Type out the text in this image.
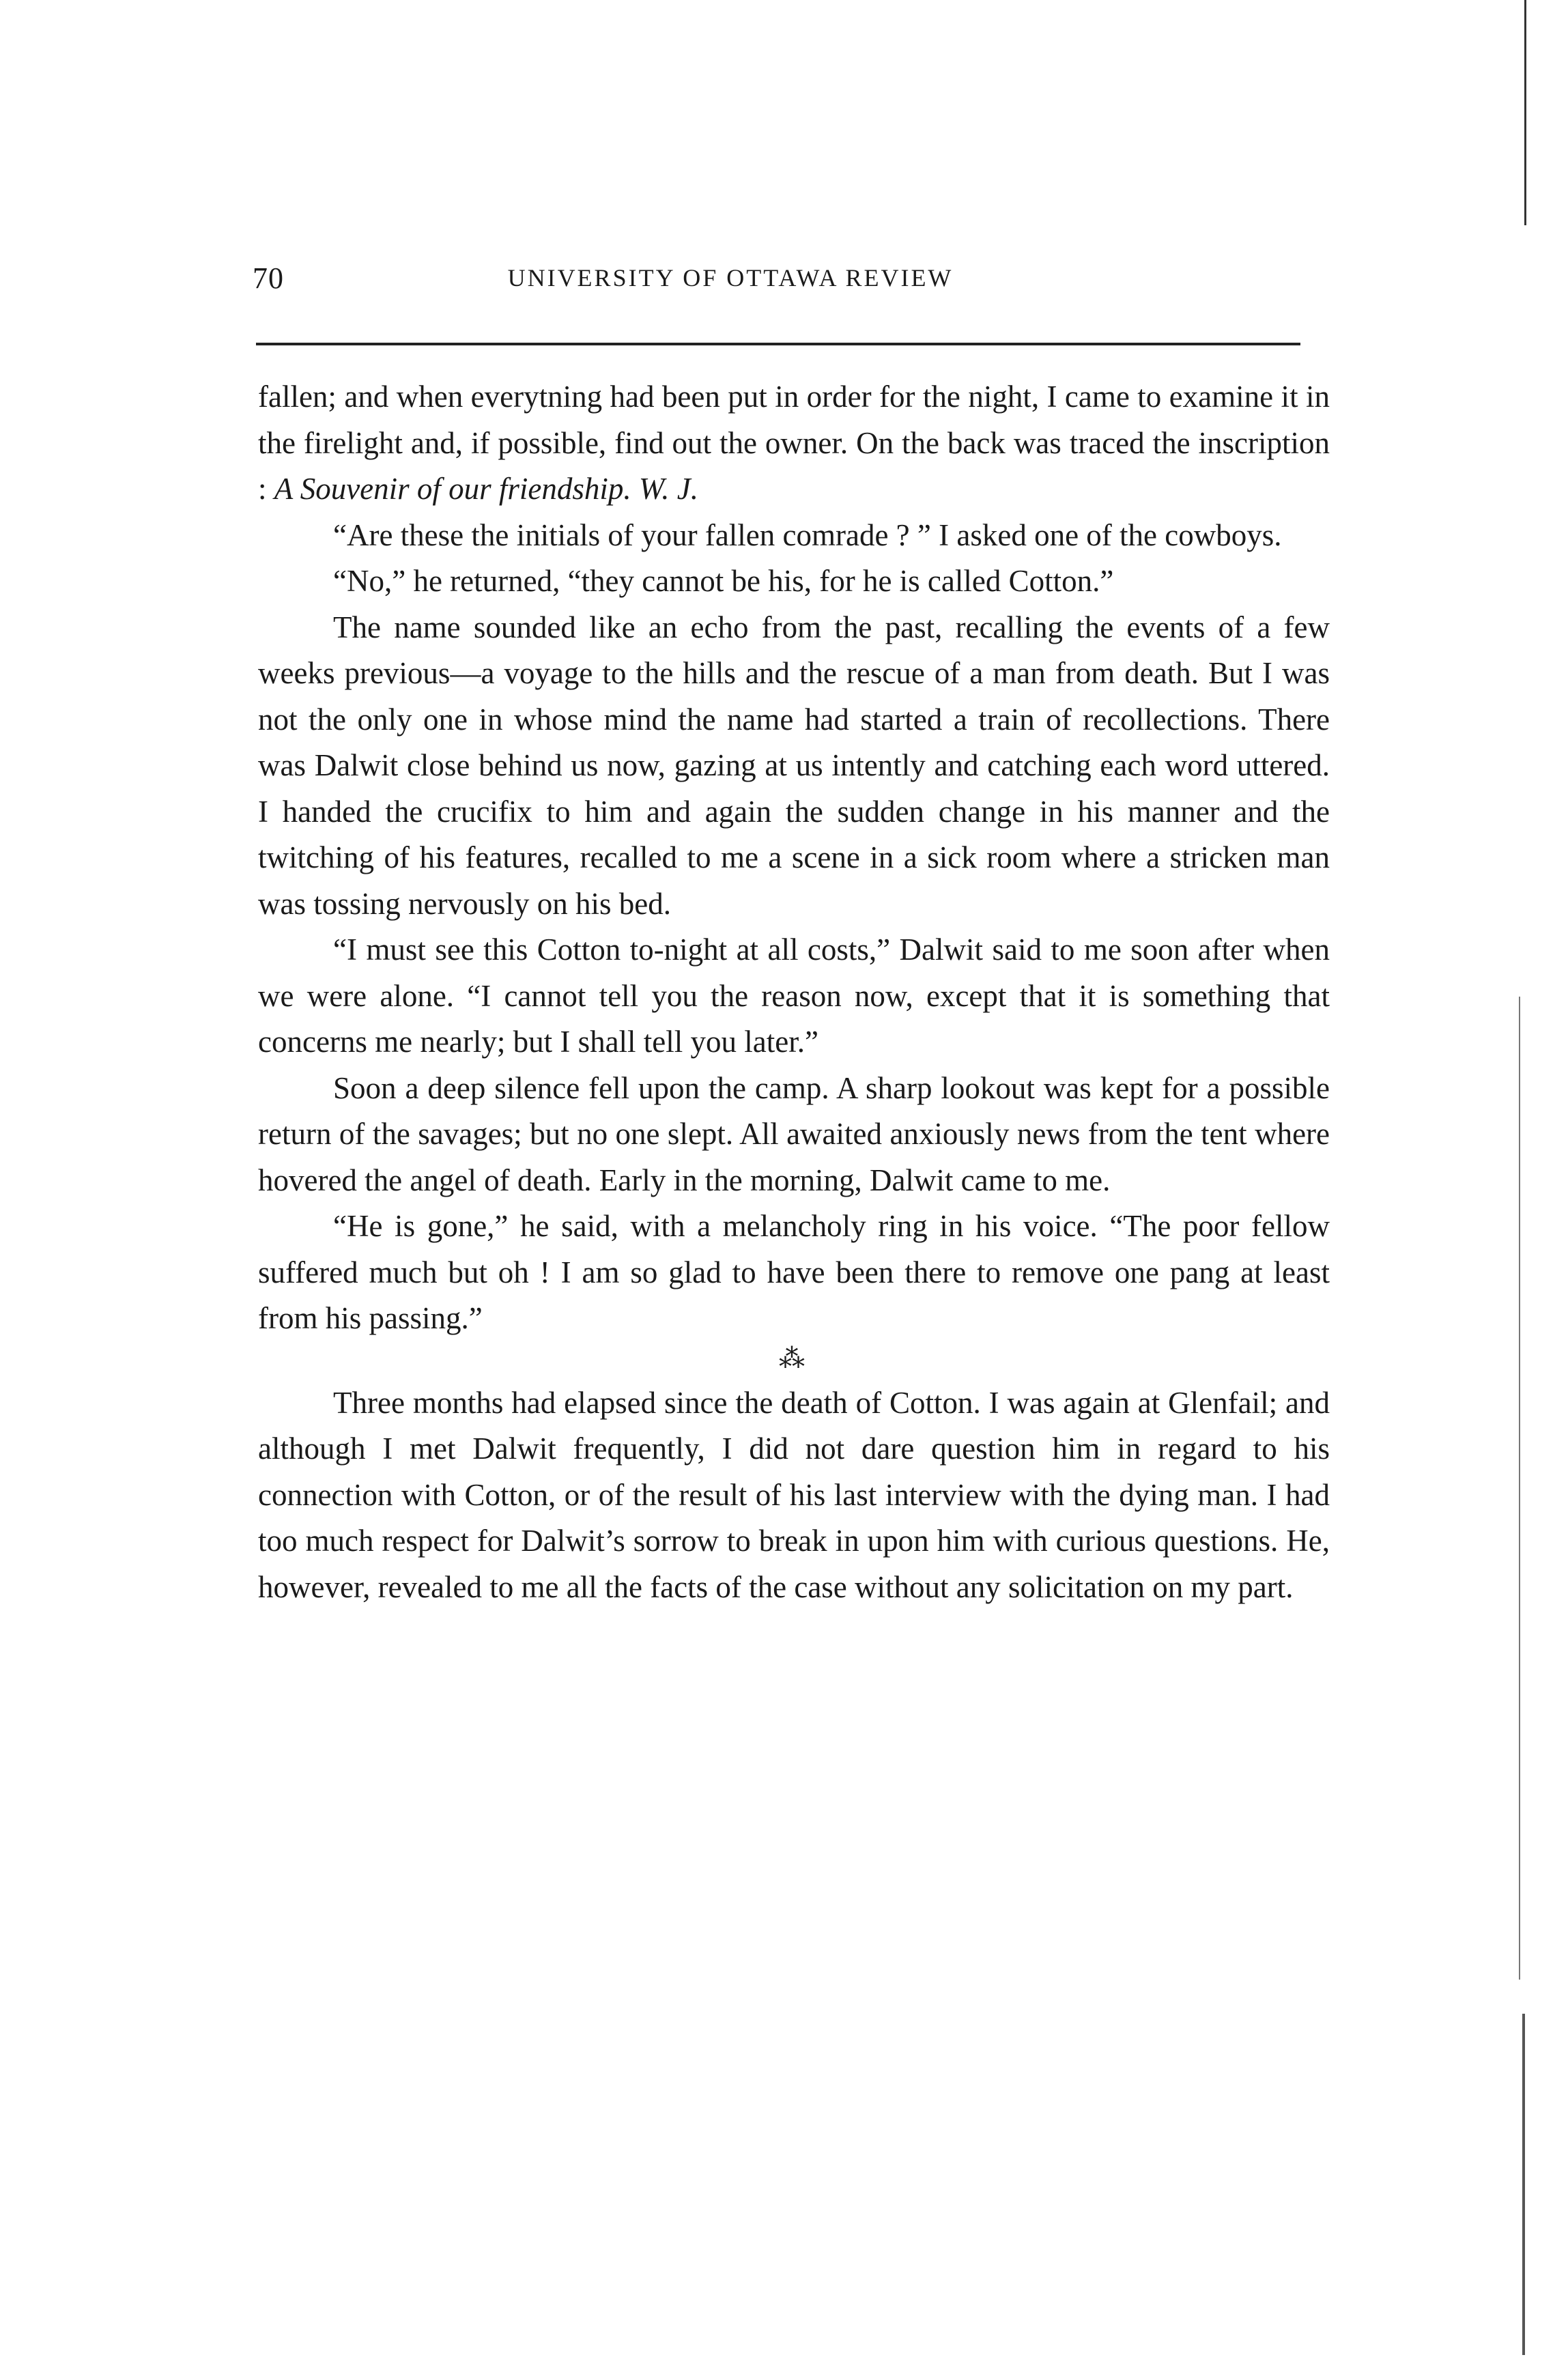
70	UNIVERSITY OF OTTAWA REVIEW

fallen; and when everytning had been put in order for the night, I came to examine it in the firelight and, if possible, find out the owner. On the back was traced the inscription : A Souvenir of our friendship. W. J.

“Are these the initials of your fallen comrade ? ” I asked one of the cowboys.

“No,” he returned, “they cannot be his, for he is called Cotton.”

The name sounded like an echo from the past, recalling the events of a few weeks previous—a voyage to the hills and the rescue of a man from death. But I was not the only one in whose mind the name had started a train of recollections. There was Dalwit close behind us now, gazing at us intently and catching each word uttered. I handed the crucifix to him and again the sudden change in his manner and the twitching of his features, recalled to me a scene in a sick room where a stricken man was tossing nervously on his bed.

“I must see this Cotton to-night at all costs,” Dalwit said to me soon after when we were alone. “I cannot tell you the reason now, except that it is something that concerns me nearly; but I shall tell you later.”

Soon a deep silence fell upon the camp. A sharp lookout was kept for a possible return of the savages; but no one slept. All awaited anxiously news from the tent where hovered the angel of death. Early in the morning, Dalwit came to me.

“He is gone,” he said, with a melancholy ring in his voice. “The poor fellow suffered much but oh ! I am so glad to have been there to remove one pang at least from his passing.”

⁂

Three months had elapsed since the death of Cotton. I was again at Glenfail; and although I met Dalwit frequently, I did not dare question him in regard to his connection with Cotton, or of the result of his last interview with the dying man. I had too much respect for Dalwit’s sorrow to break in upon him with curious questions. He, however, revealed to me all the facts of the case without any solicitation on my part.
